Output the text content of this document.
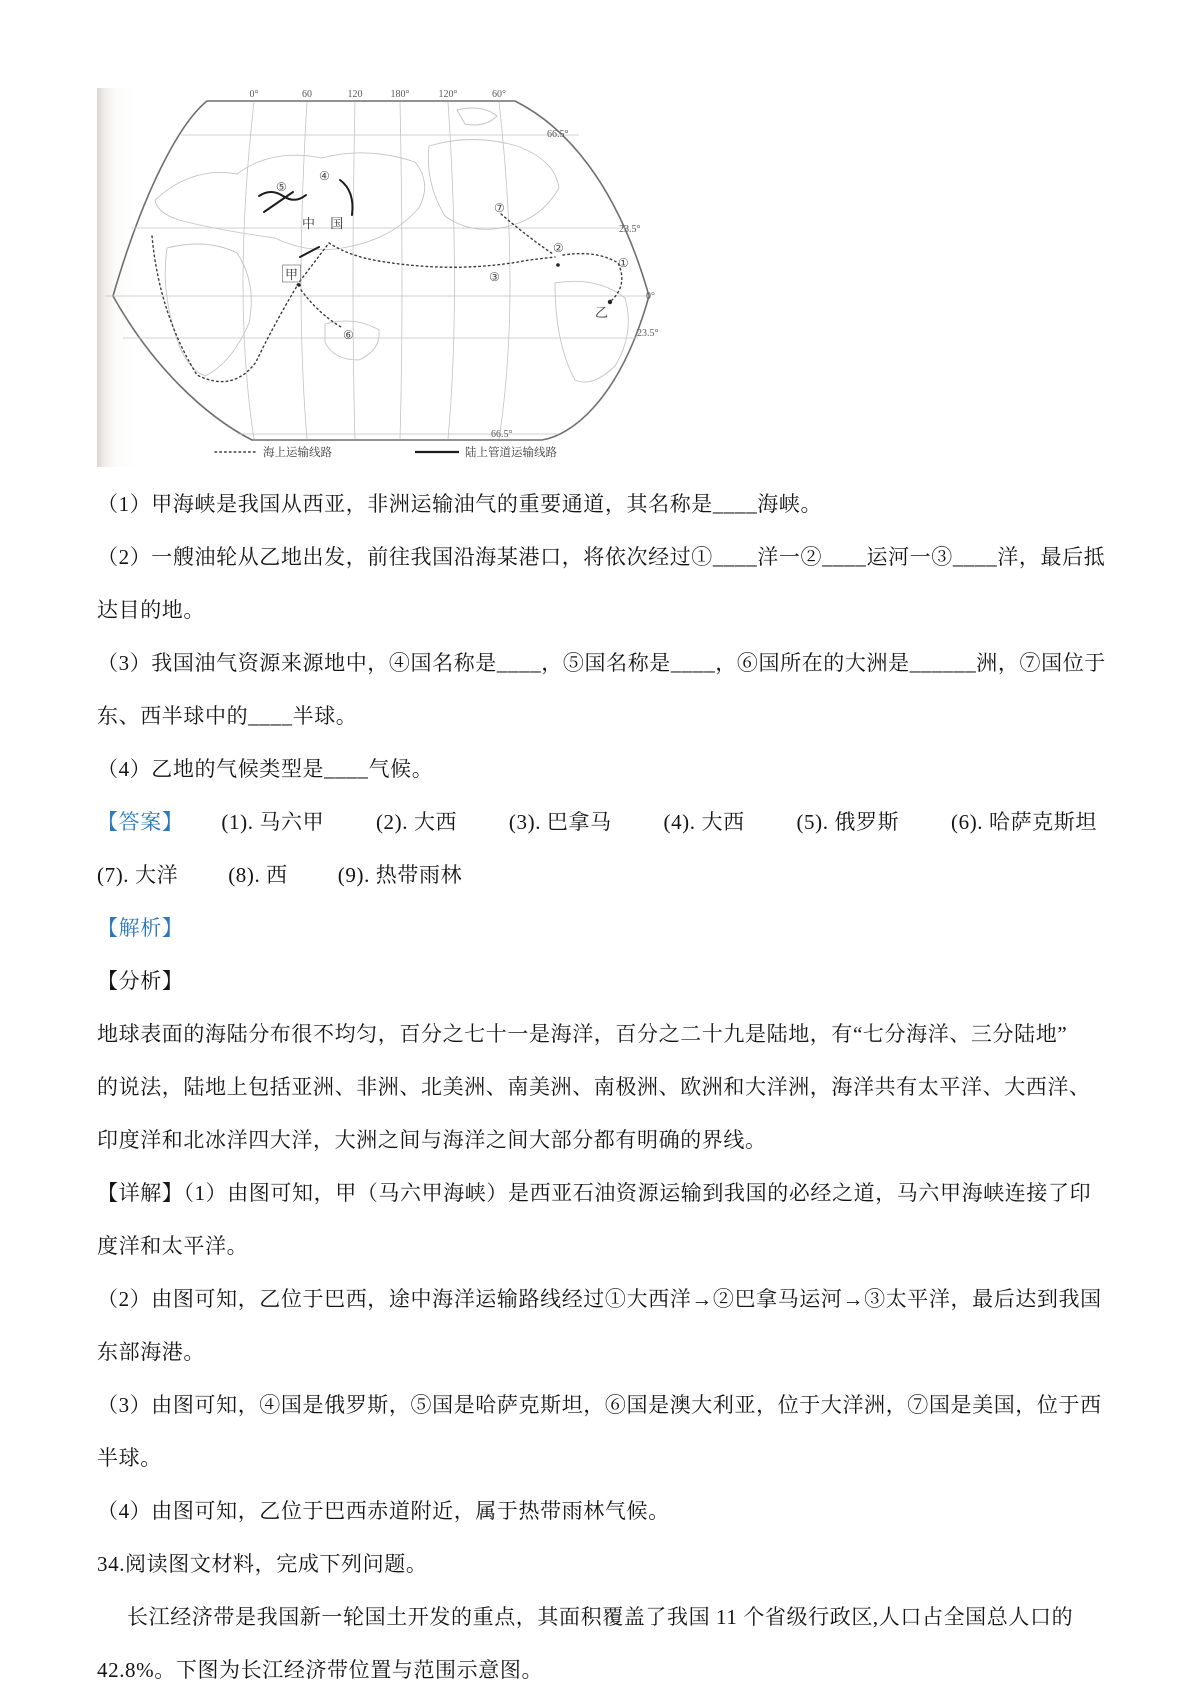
中 国
甲
乙
⑤
④
⑦
②
①
③
⑥
0°	60	120	180°	120°	60°
66.5°
23.5°
0°
23.5°
66.5°
海上运输线路	陆上管道运输线路

（1）甲海峡是我国从西亚，非洲运输油气的重要通道，其名称是____海峡。

（2）一艘油轮从乙地出发，前往我国沿海某港口，将依次经过①____洋一②____运河一③____洋，最后抵

达目的地。

（3）我国油气资源来源地中，④国名称是____，⑤国名称是____，⑥国所在的大洲是______洲，⑦国位于

东、西半球中的____半球。

（4）乙地的气候类型是____气候。

【答案】 (1). 马六甲 (2). 大西 (3). 巴拿马 (4). 大西 (5). 俄罗斯 (6). 哈萨克斯坦
(7). 大洋 (8). 西 (9). 热带雨林

【解析】

【分析】

地球表面的海陆分布很不均匀，百分之七十一是海洋，百分之二十九是陆地，有“七分海洋、三分陆地”

的说法，陆地上包括亚洲、非洲、北美洲、南美洲、南极洲、欧洲和大洋洲，海洋共有太平洋、大西洋、

印度洋和北冰洋四大洋，大洲之间与海洋之间大部分都有明确的界线。

【详解】（1）由图可知，甲（马六甲海峡）是西亚石油资源运输到我国的必经之道，马六甲海峡连接了印

度洋和太平洋。

（2）由图可知，乙位于巴西，途中海洋运输路线经过①大西洋→②巴拿马运河→③太平洋，最后达到我国

东部海港。

（3）由图可知，④国是俄罗斯，⑤国是哈萨克斯坦，⑥国是澳大利亚，位于大洋洲，⑦国是美国，位于西

半球。

（4）由图可知，乙位于巴西赤道附近，属于热带雨林气候。

34.阅读图文材料，完成下列问题。

长江经济带是我国新一轮国土开发的重点，其面积覆盖了我国 11 个省级行政区,人口占全国总人口的

42.8%。下图为长江经济带位置与范围示意图。
